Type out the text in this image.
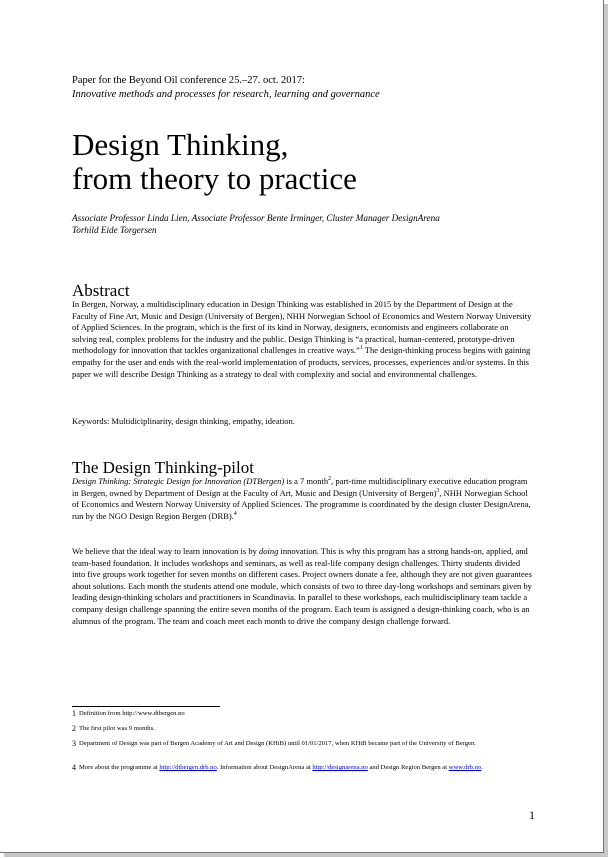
Paper for the Beyond Oil conference 25.–27. oct. 2017:
Innovative methods and processes for research, learning and governance
Design Thinking,
from theory to practice
Associate Professor Linda Lien, Associate Professor Bente Irminger, Cluster Manager DesignArena
Torhild Eide Torgersen
Abstract
In Bergen, Norway, a multidisciplinary education in Design Thinking was established in 2015 by the Department of Design at the Faculty of Fine Art, Music and Design (University of Bergen), NHH Norwegian School of Economics and Western Norway University of Applied Sciences. In the program, which is the first of its kind in Norway, designers, economists and engineers collaborate on solving real, complex problems for the industry and the public. Design Thinking is “a practical, human-centered, prototype-driven methodology for innovation that tackles organizational challenges in creative ways.”$^1$ The design-thinking process begins with gaining empathy for the user and ends with the real-world implementation of products, services, processes, experiences and/or systems. In this paper we will describe Design Thinking as a strategy to deal with complexity and social and environmental challenges.
Keywords: Multidiciplinarity, design thinking, empathy, ideation.
The Design Thinking-pilot
Design Thinking: Strategic Design for Innovation (DTBergen) is a 7 month$^2$, part-time multidisciplinary executive education program in Bergen, owned by Department of Design at the Faculty of Art, Music and Design (University of Bergen)$^3$, NHH Norwegian School of Economics and Western Norway University of Applied Sciences. The programme is coordinated by the design cluster DesignArena, run by the NGO Design Region Bergen (DRB).$^4$
We believe that the ideal way to learn innovation is by doing innovation. This is why this program has a strong hands-on, applied, and team-based foundation. It includes workshops and seminars, as well as real-life company design challenges. Thirty students divided into five groups work together for seven months on different cases. Project owners donate a fee, although they are not given guarantees about solutions. Each month the students attend one module, which consists of two to three day-long workshops and seminars given by leading design-thinking scholars and practitioners in Scandinavia. In parallel to these workshops, each multidisciplinary team tackle a company design challenge spanning the entire seven months of the program. Each team is assigned a design-thinking coach, who is an alumnus of the program. The team and coach meet each month to drive the company design challenge forward.
1 Definition from http://www.dtbergen.no
2 The first pilot was 9 months.
3 Department of Design was part of Bergen Academy of Art and Design (KHiB) until 01/01/2017, when KHiB became part of the University of Bergen.
4 More about the programme at http://dtbergen.drb.no. Information about DesignArena at http://designarena.no and Design Region Bergen at www.drb.no.
1
